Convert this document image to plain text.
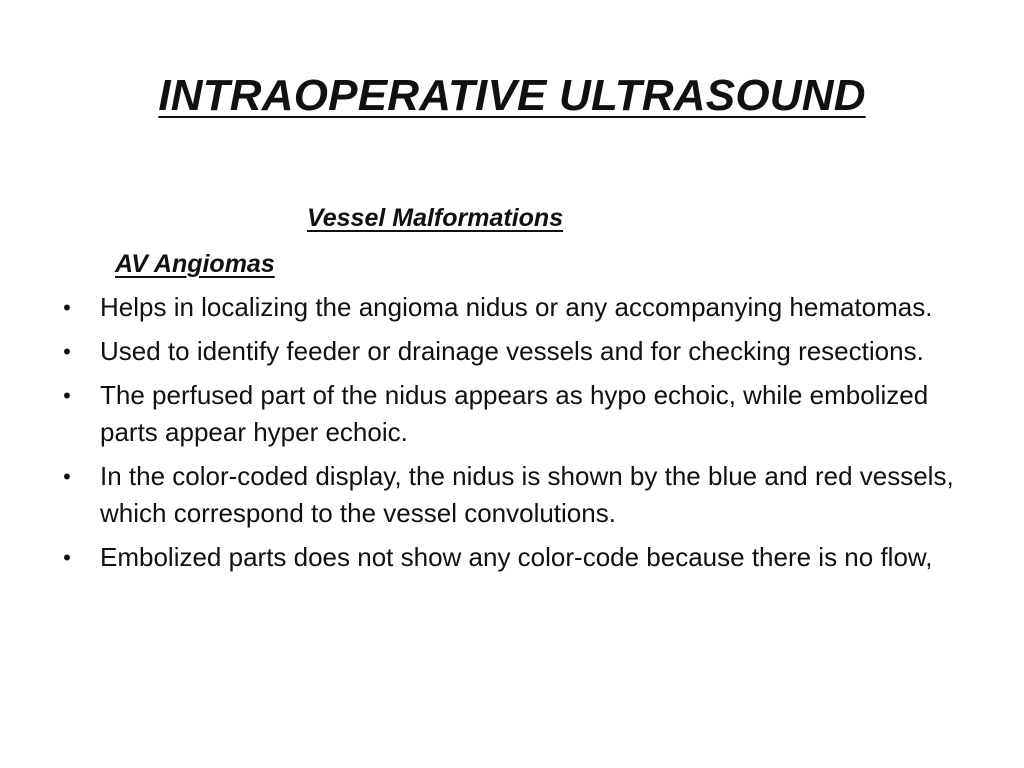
INTRAOPERATIVE ULTRASOUND
Vessel Malformations
AV Angiomas
• Helps in localizing the angioma nidus or any accompanying hematomas.
• Used to identify feeder or drainage vessels and for checking resections.
• The perfused part of the nidus appears as hypo echoic, while embolized parts appear hyper echoic.
• In the color-coded display, the nidus is shown by the blue and red vessels, which correspond to the vessel convolutions.
• Embolized parts does not show any color-code because there is no flow,
